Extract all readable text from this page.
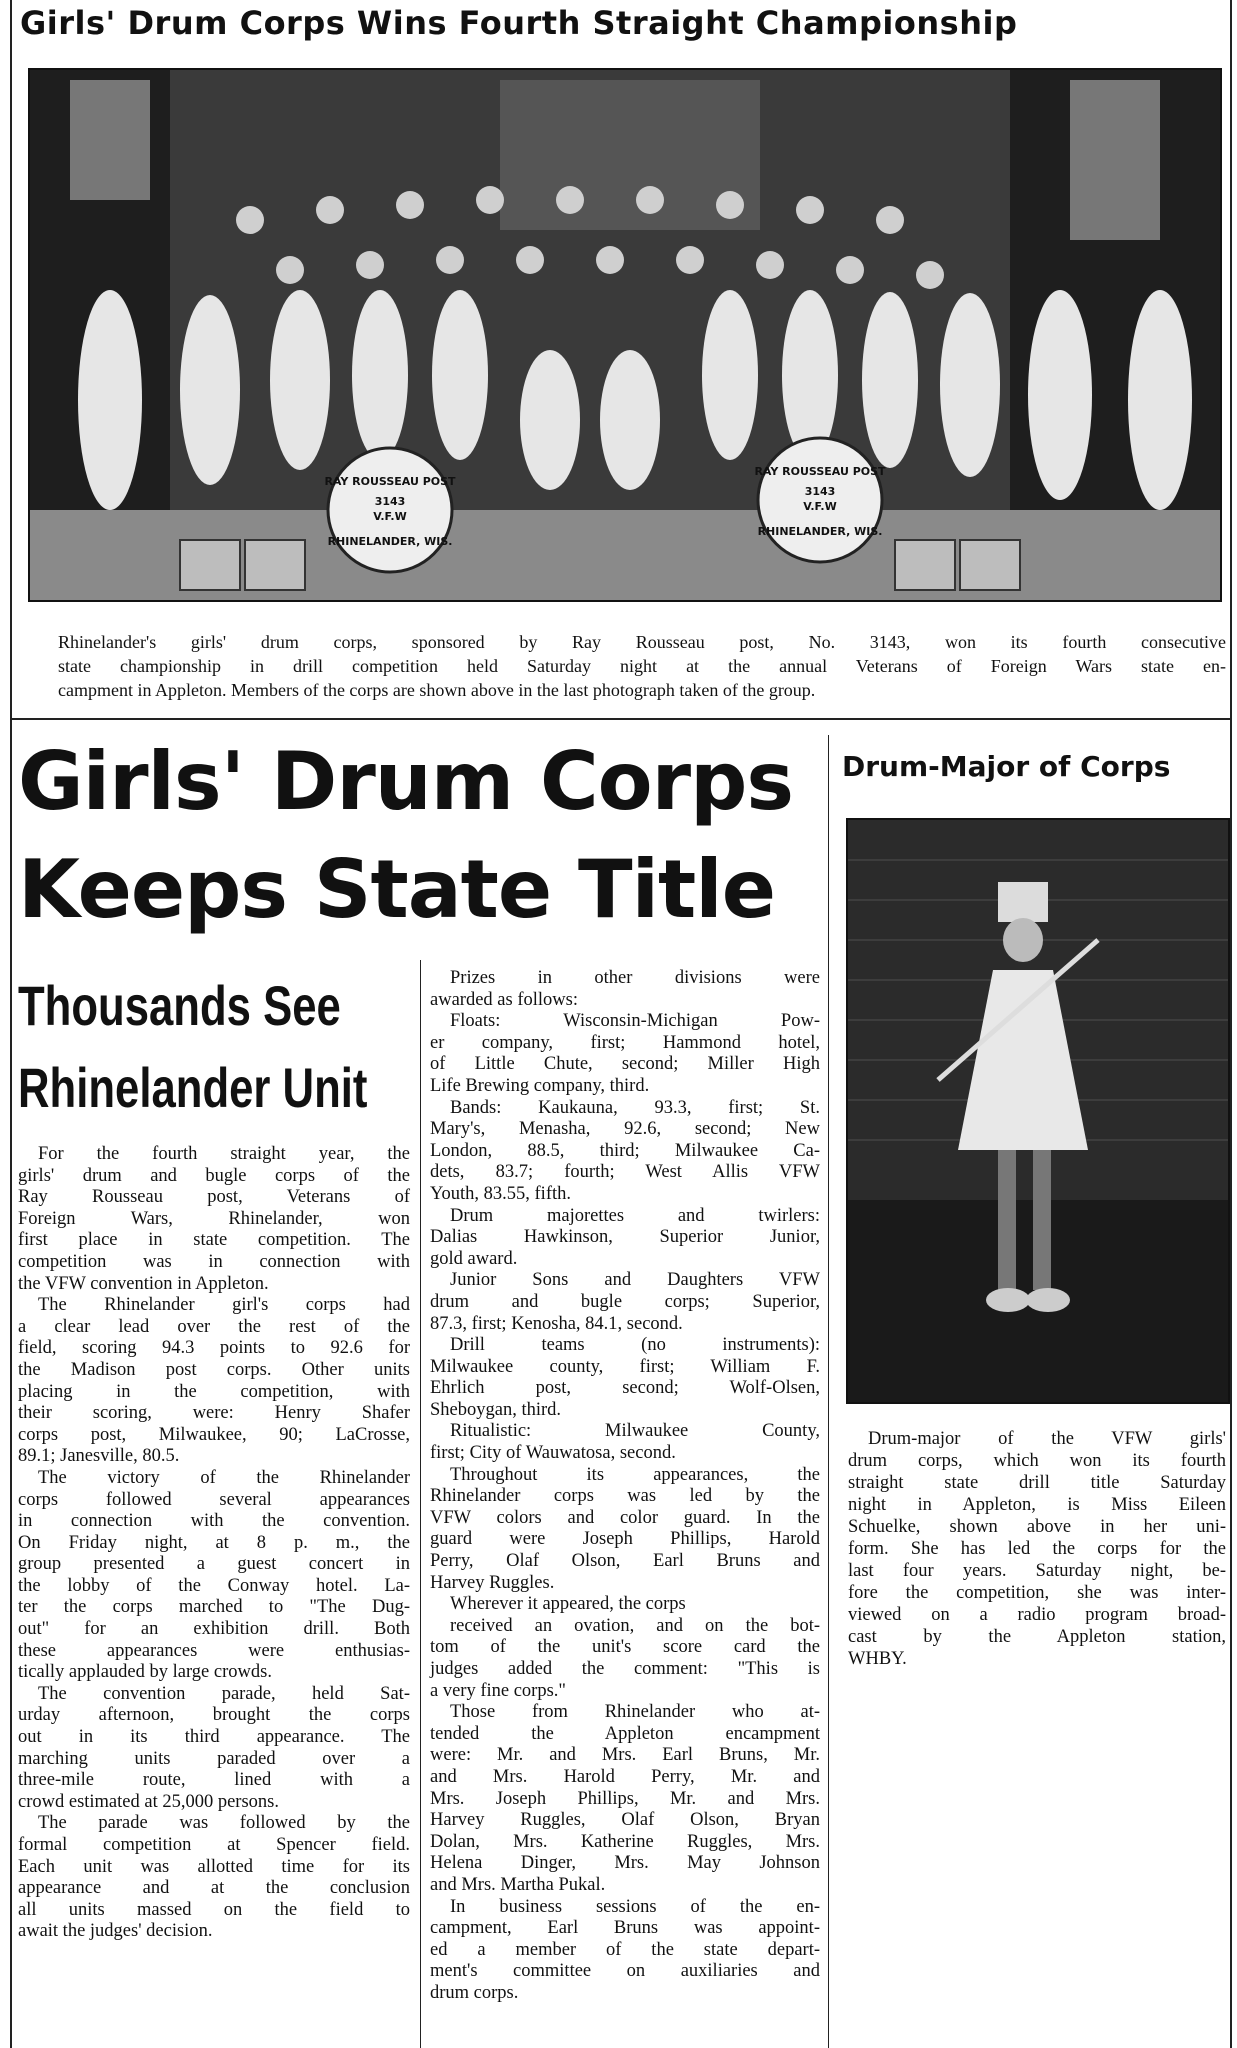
Girls' Drum Corps Wins Fourth Straight Championship
RAY ROUSSEAU POST
3143
V.F.W
RHINELANDER, WIS.
RAY ROUSSEAU POST
3143
V.F.W
RHINELANDER, WIS.
Rhinelander's girls' drum corps, sponsored by Ray Rousseau post, No. 3143, won its fourth consecutive
state championship in drill competition held Saturday night at the annual Veterans of Foreign Wars state en-
campment in Appleton. Members of the corps are shown above in the last photograph taken of the group.
Girls' Drum Corps
Keeps State Title
Thousands See
Rhinelander Unit

For the fourth straight year, the
girls' drum and bugle corps of the
Ray Rousseau post, Veterans of
Foreign Wars, Rhinelander, won
first place in state competition. The
competition was in connection with
the VFW convention in Appleton.

The Rhinelander girl's corps had
a clear lead over the rest of the
field, scoring 94.3 points to 92.6 for
the Madison post corps. Other units
placing in the competition, with
their scoring, were: Henry Shafer
corps post, Milwaukee, 90; LaCrosse,
89.1; Janesville, 80.5.

The victory of the Rhinelander
corps followed several appearances
in connection with the convention.
On Friday night, at 8 p. m., the
group presented a guest concert in
the lobby of the Conway hotel. La-
ter the corps marched to "The Dug-
out" for an exhibition drill. Both
these appearances were enthusias-
tically applauded by large crowds.

The convention parade, held Sat-
urday afternoon, brought the corps
out in its third appearance. The
marching units paraded over a
three-mile route, lined with a
crowd estimated at 25,000 persons.

The parade was followed by the
formal competition at Spencer field.
Each unit was allotted time for its
appearance and at the conclusion
all units massed on the field to
await the judges' decision.

Prizes in other divisions were
awarded as follows:

Floats: Wisconsin-Michigan Pow-
er company, first; Hammond hotel,
of Little Chute, second; Miller High
Life Brewing company, third.

Bands: Kaukauna, 93.3, first; St.
Mary's, Menasha, 92.6, second; New
London, 88.5, third; Milwaukee Ca-
dets, 83.7; fourth; West Allis VFW
Youth, 83.55, fifth.

Drum majorettes and twirlers:
Dalias Hawkinson, Superior Junior,
gold award.

Junior Sons and Daughters VFW
drum and bugle corps; Superior,
87.3, first; Kenosha, 84.1, second.

Drill teams (no instruments):
Milwaukee county, first; William F.
Ehrlich post, second; Wolf-Olsen,
Sheboygan, third.

Ritualistic: Milwaukee County,
first; City of Wauwatosa, second.

Throughout its appearances, the
Rhinelander corps was led by the
VFW colors and color guard. In the
guard were Joseph Phillips, Harold
Perry, Olaf Olson, Earl Bruns and
Harvey Ruggles.

Wherever it appeared, the corps

received an ovation, and on the bot-
tom of the unit's score card the
judges added the comment: "This is
a very fine corps."

Those from Rhinelander who at-
tended the Appleton encampment
were: Mr. and Mrs. Earl Bruns, Mr.
and Mrs. Harold Perry, Mr. and
Mrs. Joseph Phillips, Mr. and Mrs.
Harvey Ruggles, Olaf Olson, Bryan
Dolan, Mrs. Katherine Ruggles, Mrs.
Helena Dinger, Mrs. May Johnson
and Mrs. Martha Pukal.

In business sessions of the en-
campment, Earl Bruns was appoint-
ed a member of the state depart-
ment's committee on auxiliaries and
drum corps.

Drum-Major of Corps

Drum-major of the VFW girls'
drum corps, which won its fourth
straight state drill title Saturday
night in Appleton, is Miss Eileen
Schuelke, shown above in her uni-
form. She has led the corps for the
last four years. Saturday night, be-
fore the competition, she was inter-
viewed on a radio program broad-
cast by the Appleton station,
WHBY.
